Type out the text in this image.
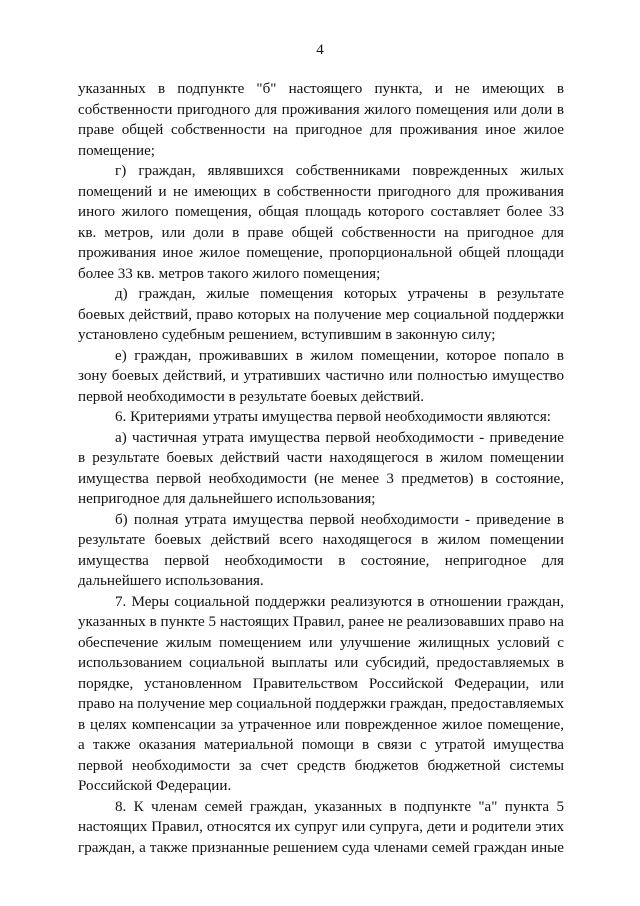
4

указанных в подпункте "б" настоящего пункта, и не имеющих в собственности пригодного для проживания жилого помещения или доли в праве общей собственности на пригодное для проживания иное жилое помещение;

г) граждан, являвшихся собственниками поврежденных жилых помещений и не имеющих в собственности пригодного для проживания иного жилого помещения, общая площадь которого составляет более 33 кв. метров, или доли в праве общей собственности на пригодное для проживания иное жилое помещение, пропорциональной общей площади более 33 кв. метров такого жилого помещения;

д) граждан, жилые помещения которых утрачены в результате боевых действий, право которых на получение мер социальной поддержки установлено судебным решением, вступившим в законную силу;

е) граждан, проживавших в жилом помещении, которое попало в зону боевых действий, и утративших частично или полностью имущество первой необходимости в результате боевых действий.

6. Критериями утраты имущества первой необходимости являются:

а) частичная утрата имущества первой необходимости - приведение в результате боевых действий части находящегося в жилом помещении имущества первой необходимости (не менее 3 предметов) в состояние, непригодное для дальнейшего использования;

б) полная утрата имущества первой необходимости - приведение в результате боевых действий всего находящегося в жилом помещении имущества первой необходимости в состояние, непригодное для дальнейшего использования.

7. Меры социальной поддержки реализуются в отношении граждан, указанных в пункте 5 настоящих Правил, ранее не реализовавших право на обеспечение жилым помещением или улучшение жилищных условий с использованием социальной выплаты или субсидий, предоставляемых в порядке, установленном Правительством Российской Федерации, или право на получение мер социальной поддержки граждан, предоставляемых в целях компенсации за утраченное или поврежденное жилое помещение, а также оказания материальной помощи в связи с утратой имущества первой необходимости за счет средств бюджетов бюджетной системы Российской Федерации.

8. К членам семей граждан, указанных в подпункте "а" пункта 5 настоящих Правил, относятся их супруг или супруга, дети и родители этих граждан, а также признанные решением суда членами семей граждан иные
